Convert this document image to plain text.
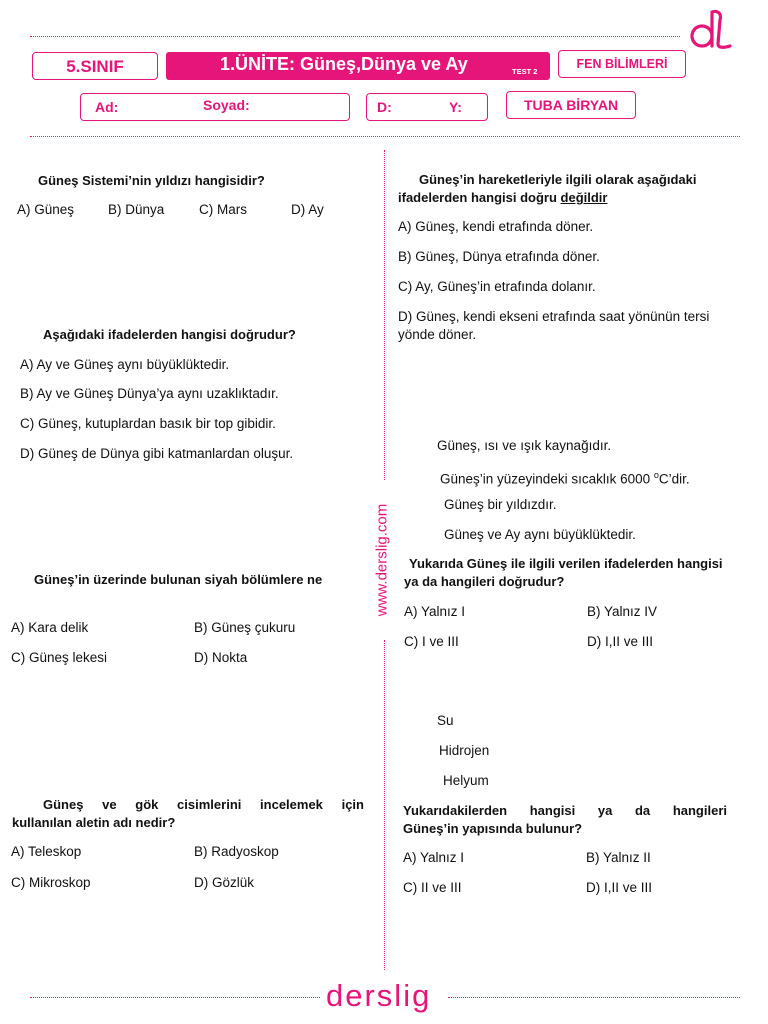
5.SINIF	1.ÜNİTE: Güneş,Dünya ve Ay	TEST 2
FEN BİLİMLERİ
Ad:	Soyad:	D:	Y:	TUBA BİRYAN
www.derslig.com
Güneş Sistemi’nin yıldızı hangisidir?
A) Güneş	B) Dünya	C) Mars	D) Ay
Aşağıdaki ifadelerden hangisi doğrudur?
A) Ay ve Güneş aynı büyüklüktedir.
B) Ay ve Güneş Dünya’ya aynı uzaklıktadır.
C) Güneş, kutuplardan basık bir top gibidir.
D) Güneş de Dünya gibi katmanlardan oluşur.
Güneş’in üzerinde bulunan siyah bölümlere ne
A) Kara delik	B) Güneş çukuru
C) Güneş lekesi	D) Nokta
Güneş ve gök cisimlerini incelemek için
kullanılan aletin adı nedir?
A) Teleskop	B) Radyoskop
C) Mikroskop	D) Gözlük
Güneş’in hareketleriyle ilgili olarak aşağıdaki
ifadelerden hangisi doğru değildir
A) Güneş, kendi etrafında döner.
B) Güneş, Dünya etrafında döner.
C) Ay, Güneş’in etrafında dolanır.
D) Güneş, kendi ekseni etrafında saat yönünün tersi
yönde döner.
Güneş, ısı ve ışık kaynağıdır.
Güneş’in yüzeyindeki sıcaklık 6000 $^o$C’dir.
Güneş bir yıldızdır.
Güneş ve Ay aynı büyüklüktedir.
Yukarıda Güneş ile ilgili verilen ifadelerden hangisi
ya da hangileri doğrudur?
A) Yalnız I	B) Yalnız IV
C) I ve III	D) I,II ve III
Su
Hidrojen
Helyum
Yukarıdakilerden hangisi ya da hangileri
Güneş’in yapısında bulunur?
A) Yalnız I	B) Yalnız II
C) II ve III	D) I,II ve III
derslig
